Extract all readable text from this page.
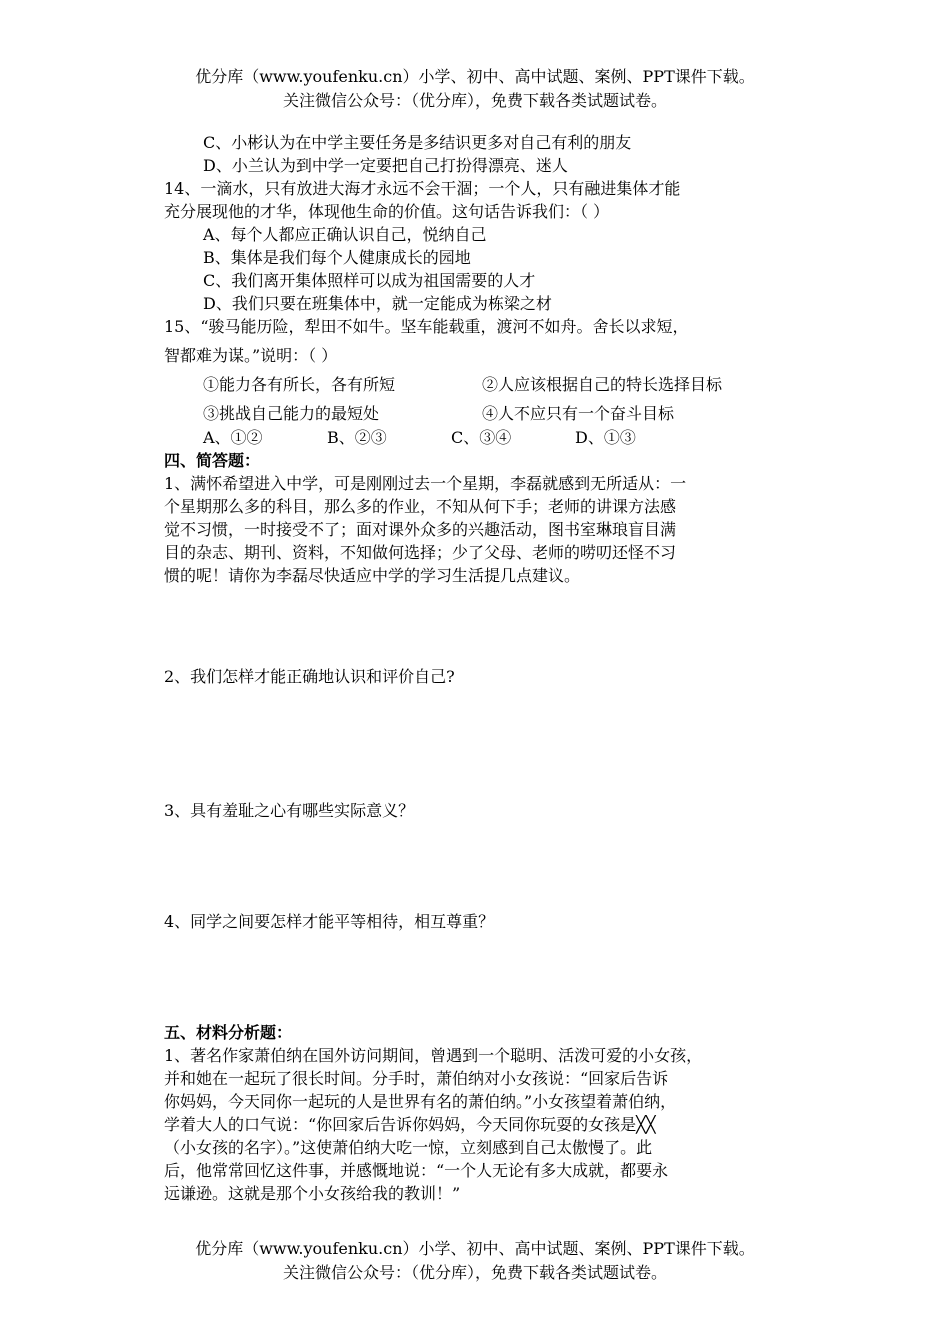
优分库（www.youfenku.cn）小学、初中、高中试题、案例、PPT课件下载。
关注微信公众号：（优分库），免费下载各类试题试卷。
C、小彬认为在中学主要任务是多结识更多对自己有利的朋友
D、小兰认为到中学一定要把自己打扮得漂亮、迷人
14、一滴水，只有放进大海才永远不会干涸；一个人，只有融进集体才能
充分展现他的才华，体现他生命的价值。这句话告诉我们：（ ）
A、每个人都应正确认识自己，悦纳自己
B、集体是我们每个人健康成长的园地
C、我们离开集体照样可以成为祖国需要的人才
D、我们只要在班集体中，就一定能成为栋梁之材
15、“骏马能历险，犁田不如牛。坚车能载重，渡河不如舟。舍长以求短，
智都难为谋。”说明：（ ）
①能力各有所长，各有所短	②人应该根据自己的特长选择目标
③挑战自己能力的最短处	④人不应只有一个奋斗目标
A、①②	B、②③	C、③④	D、①③
四、简答题：
1、满怀希望进入中学，可是刚刚过去一个星期，李磊就感到无所适从：一
个星期那么多的科目，那么多的作业，不知从何下手；老师的讲课方法感
觉不习惯，一时接受不了；面对课外众多的兴趣活动，图书室琳琅盲目满
目的杂志、期刊、资料，不知做何选择；少了父母、老师的唠叨还怪不习
惯的呢！请你为李磊尽快适应中学的学习生活提几点建议。
2、我们怎样才能正确地认识和评价自己?
3、具有羞耻之心有哪些实际意义？
4、同学之间要怎样才能平等相待，相互尊重？
五、材料分析题：
1、著名作家萧伯纳在国外访问期间，曾遇到一个聪明、活泼可爱的小女孩，
并和她在一起玩了很长时间。分手时，萧伯纳对小女孩说：“回家后告诉
你妈妈，今天同你一起玩的人是世界有名的萧伯纳。”小女孩望着萧伯纳，
学着大人的口气说：“你回家后告诉你妈妈，今天同你玩耍的女孩是╳╳
（小女孩的名字）。”这使萧伯纳大吃一惊，立刻感到自己太傲慢了。此
后，他常常回忆这件事，并感慨地说：“一个人无论有多大成就，都要永
远谦逊。这就是那个小女孩给我的教训！”
优分库（www.youfenku.cn）小学、初中、高中试题、案例、PPT课件下载。
关注微信公众号：（优分库），免费下载各类试题试卷。
